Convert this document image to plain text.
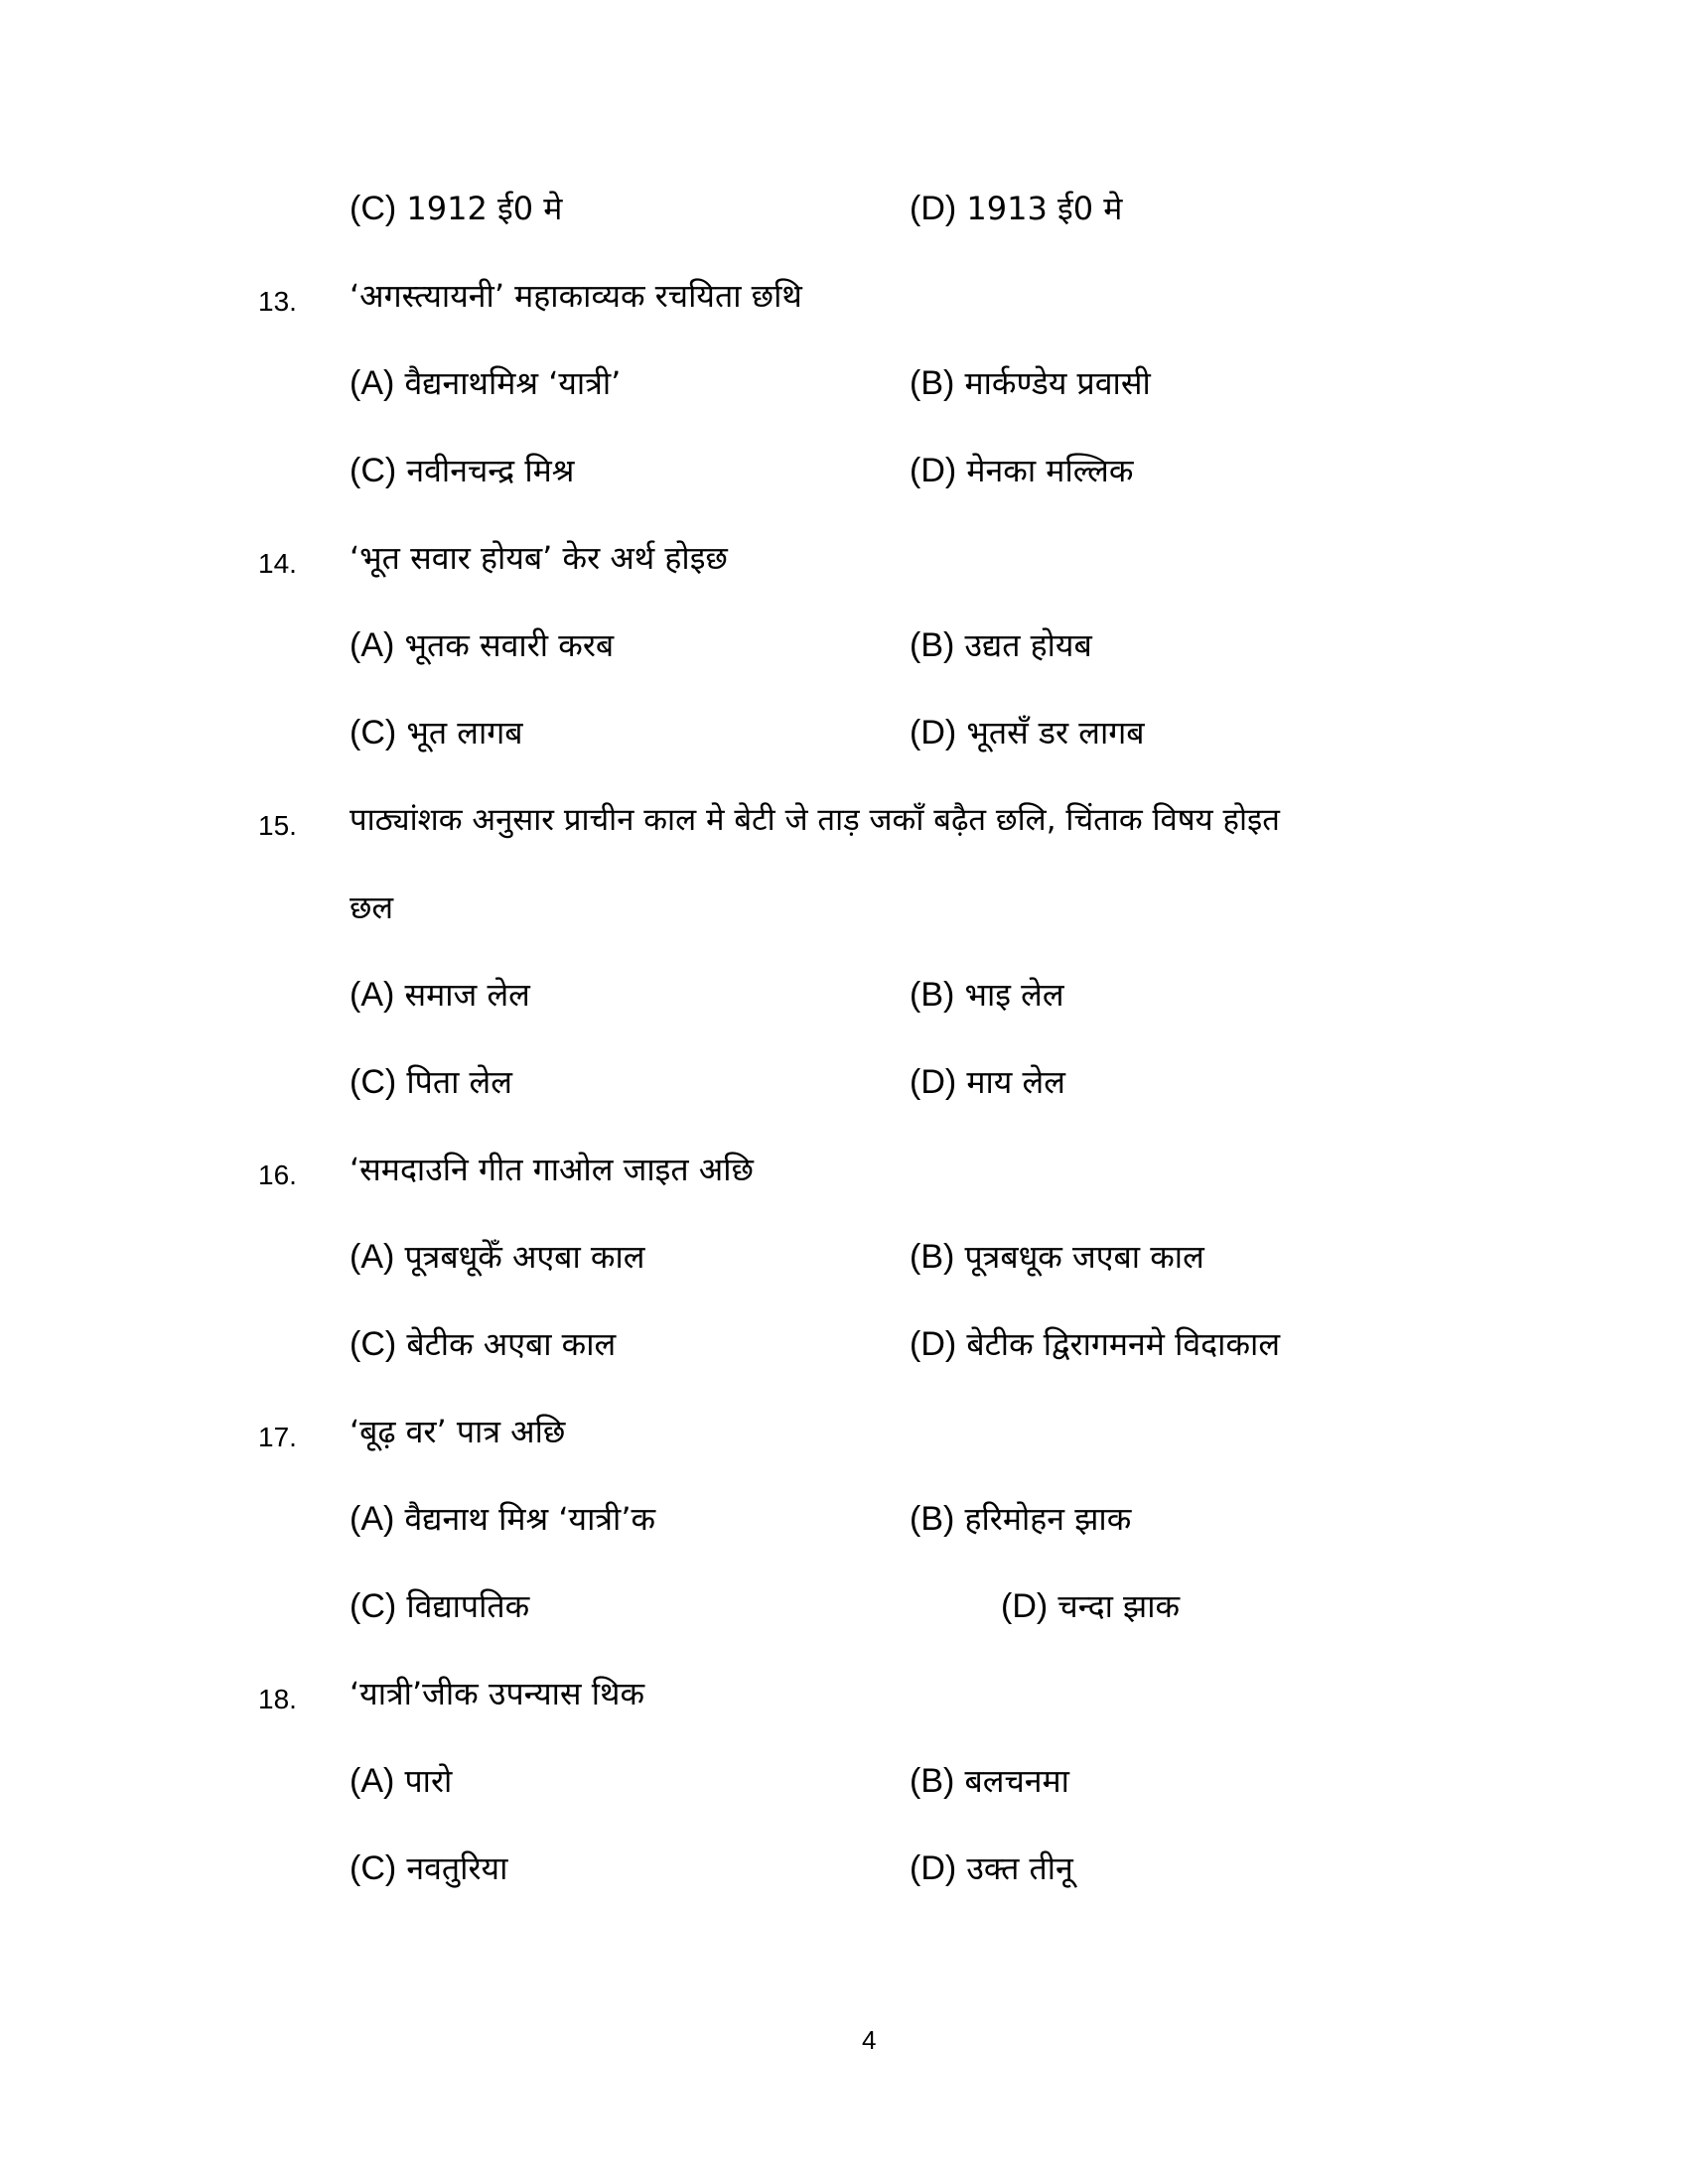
(C) 1912 ई0 मे	(D) 1913 ई0 मे
13. ‘अगस्त्यायनी’ महाकाव्यक रचयिता छथि
(A) वैद्यनाथमिश्र ‘यात्री’	(B) मार्कण्डेय प्रवासी
(C) नवीनचन्द्र मिश्र	(D) मेनका मल्लिक
14. ‘भूत सवार होयब’ केर अर्थ होइछ
(A) भूतक सवारी करब	(B) उद्यत होयब
(C) भूत लागब	(D) भूतसँ डर लागब
15. पाठ्यांशक अनुसार प्राचीन काल मे बेटी जे ताड़ जकाँ बढ़ैत छलि, चिंताक विषय होइत
छल
(A) समाज लेल	(B) भाइ लेल
(C) पिता लेल	(D) माय लेल
16. ‘समदाउनि गीत गाओल जाइत अछि
(A) पूत्रबधूकेँ अएबा काल	(B) पूत्रबधूक जएबा काल
(C) बेटीक अएबा काल	(D) बेटीक द्विरागमनमे विदाकाल
17. ‘बूढ़ वर’ पात्र अछि
(A) वैद्यनाथ मिश्र ‘यात्री’क	(B) हरिमोहन झाक
(C) विद्यापतिक	(D) चन्दा झाक
18. ‘यात्री’जीक उपन्यास थिक
(A) पारो	(B) बलचनमा
(C) नवतुरिया	(D) उक्त तीनू
4
